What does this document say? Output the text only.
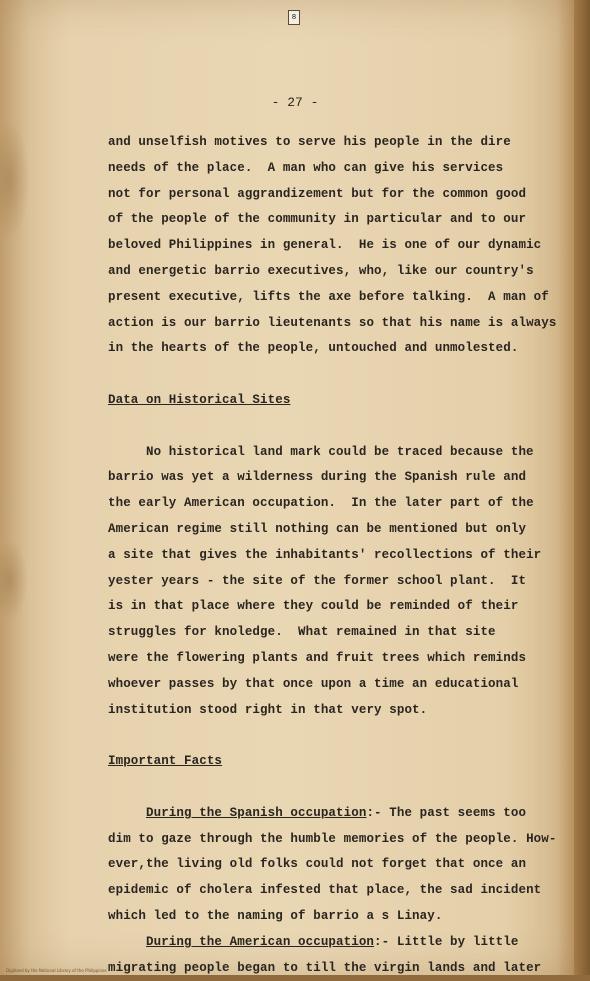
8
- 27 -
and unselfish motives to serve his people in the dire
needs of the place.  A man who can give his services
not for personal aggrandizement but for the common good
of the people of the community in particular and to our
beloved Philippines in general.  He is one of our dynamic
and energetic barrio executives, who, like our country's
present executive, lifts the axe before talking.  A man of
action is our barrio lieutenants so that his name is always
in the hearts of the people, untouched and unmolested.
Data on Historical Sites
No historical land mark could be traced because the
barrio was yet a wilderness during the Spanish rule and
the early American occupation.  In the later part of the
American regime still nothing can be mentioned but only
a site that gives the inhabitants' recollections of their
yester years - the site of the former school plant.  It
is in that place where they could be reminded of their
struggles for knoledge.  What remained in that site
were the flowering plants and fruit trees which reminds
whoever passes by that once upon a time an educational
institution stood right in that very spot.
Important Facts
During the Spanish occupation:- The past seems too
dim to gaze through the humble memories of the people. How-
ever,the living old folks could not forget that once an
epidemic of cholera infested that place, the sad incident
which led to the naming of barrio a s Linay.
During the American occupation:- Little by little
migrating people began to till the virgin lands and later
Digitized by the National Library of the Philippines
